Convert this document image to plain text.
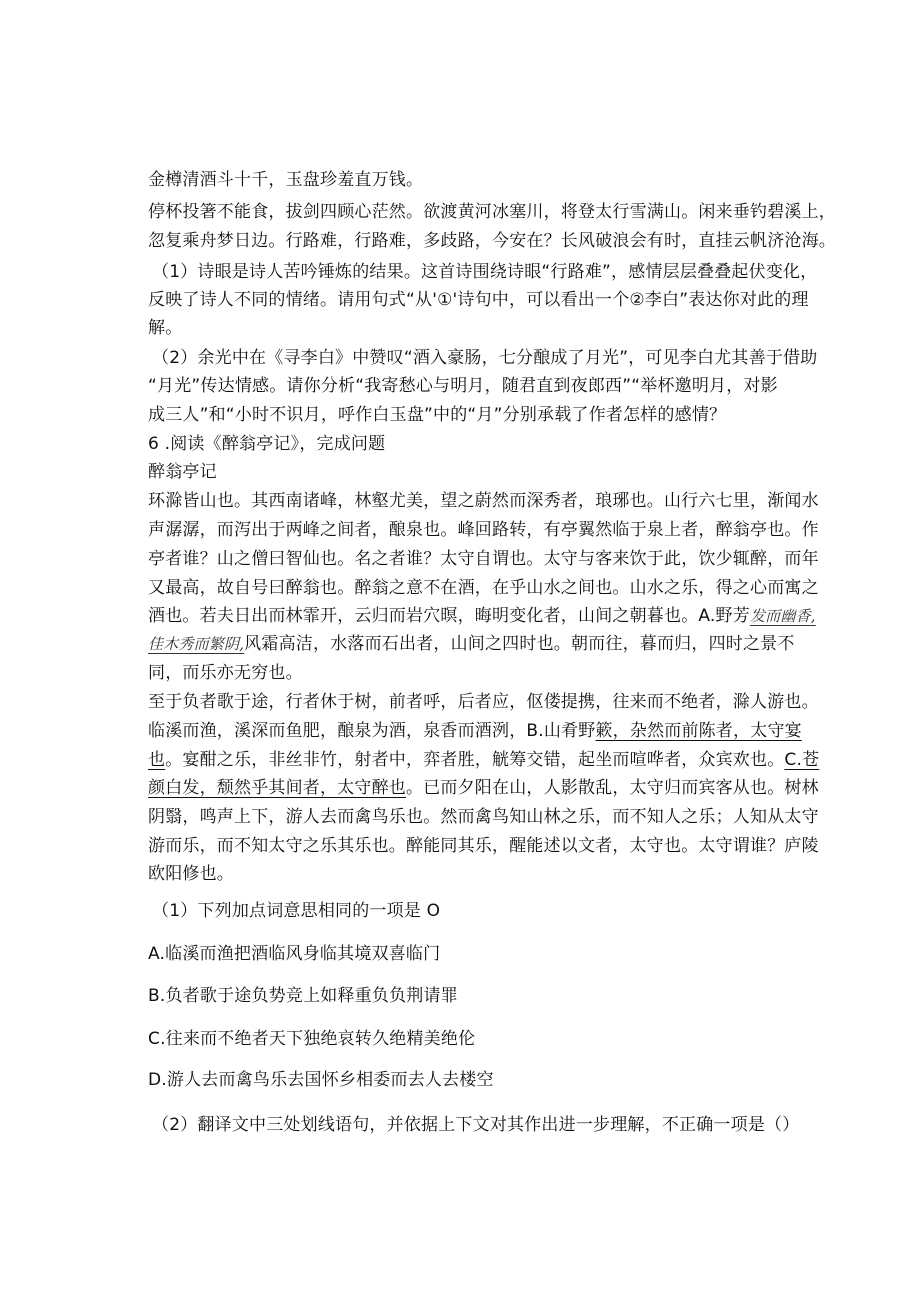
金樽清酒斗十千，玉盘珍羞直万钱。
停杯投箸不能食，拔剑四顾心茫然。欲渡黄河冰塞川，将登太行雪满山。闲来垂钓碧溪上，
忽复乘舟梦日边。行路难，行路难，多歧路，今安在？长风破浪会有时，直挂云帆济沧海。
（1）诗眼是诗人苦吟锤炼的结果。这首诗围绕诗眼“行路难”，感情层层叠叠起伏变化，
反映了诗人不同的情绪。请用句式“从'①'诗句中，可以看出一个②李白”表达你对此的理
解。
（2）余光中在《寻李白》中赞叹“酒入豪肠，七分酿成了月光”，可见李白尤其善于借助
“月光”传达情感。请你分析“我寄愁心与明月，随君直到夜郎西”“举杯邀明月，对影
成三人”和“小时不识月，呼作白玉盘”中的“月”分别承载了作者怎样的感情？
6 .阅读《醉翁亭记》，完成问题
醉翁亭记
环滁皆山也。其西南诸峰，林壑尤美，望之蔚然而深秀者，琅琊也。山行六七里，渐闻水
声潺潺，而泻出于两峰之间者，酿泉也。峰回路转，有亭翼然临于泉上者，醉翁亭也。作
亭者谁？山之僧曰智仙也。名之者谁？太守自谓也。太守与客来饮于此，饮少辄醉，而年
又最高，故自号曰醉翁也。醉翁之意不在酒，在乎山水之间也。山水之乐，得之心而寓之
酒也。若夫日出而林霏开，云归而岩穴暝，晦明变化者，山间之朝暮也。A.野芳发而幽香,
佳木秀而繁阴,风霜高洁，水落而石出者，山间之四时也。朝而往，暮而归，四时之景不
同，而乐亦无穷也。
至于负者歌于途，行者休于树，前者呼，后者应，伛偻提携，往来而不绝者，滁人游也。
临溪而渔，溪深而鱼肥，酿泉为酒，泉香而酒洌，B.山肴野簌，杂然而前陈者，太守宴
也。宴酣之乐，非丝非竹，射者中，弈者胜，觥筹交错，起坐而喧哗者，众宾欢也。C.苍
颜白发，颓然乎其间者，太守醉也。已而夕阳在山，人影散乱，太守归而宾客从也。树林
阴翳，鸣声上下，游人去而禽鸟乐也。然而禽鸟知山林之乐，而不知人之乐；人知从太守
游而乐，而不知太守之乐其乐也。醉能同其乐，醒能述以文者，太守也。太守谓谁？庐陵
欧阳修也。
（1）下列加点词意思相同的一项是 O
A.临溪而渔把酒临风身临其境双喜临门
B.负者歌于途负势竞上如释重负负荆请罪
C.往来而不绝者天下独绝哀转久绝精美绝伦
D.游人去而禽鸟乐去国怀乡相委而去人去楼空
（2）翻译文中三处划线语句，并依据上下文对其作出进一步理解，不正确一项是（）
